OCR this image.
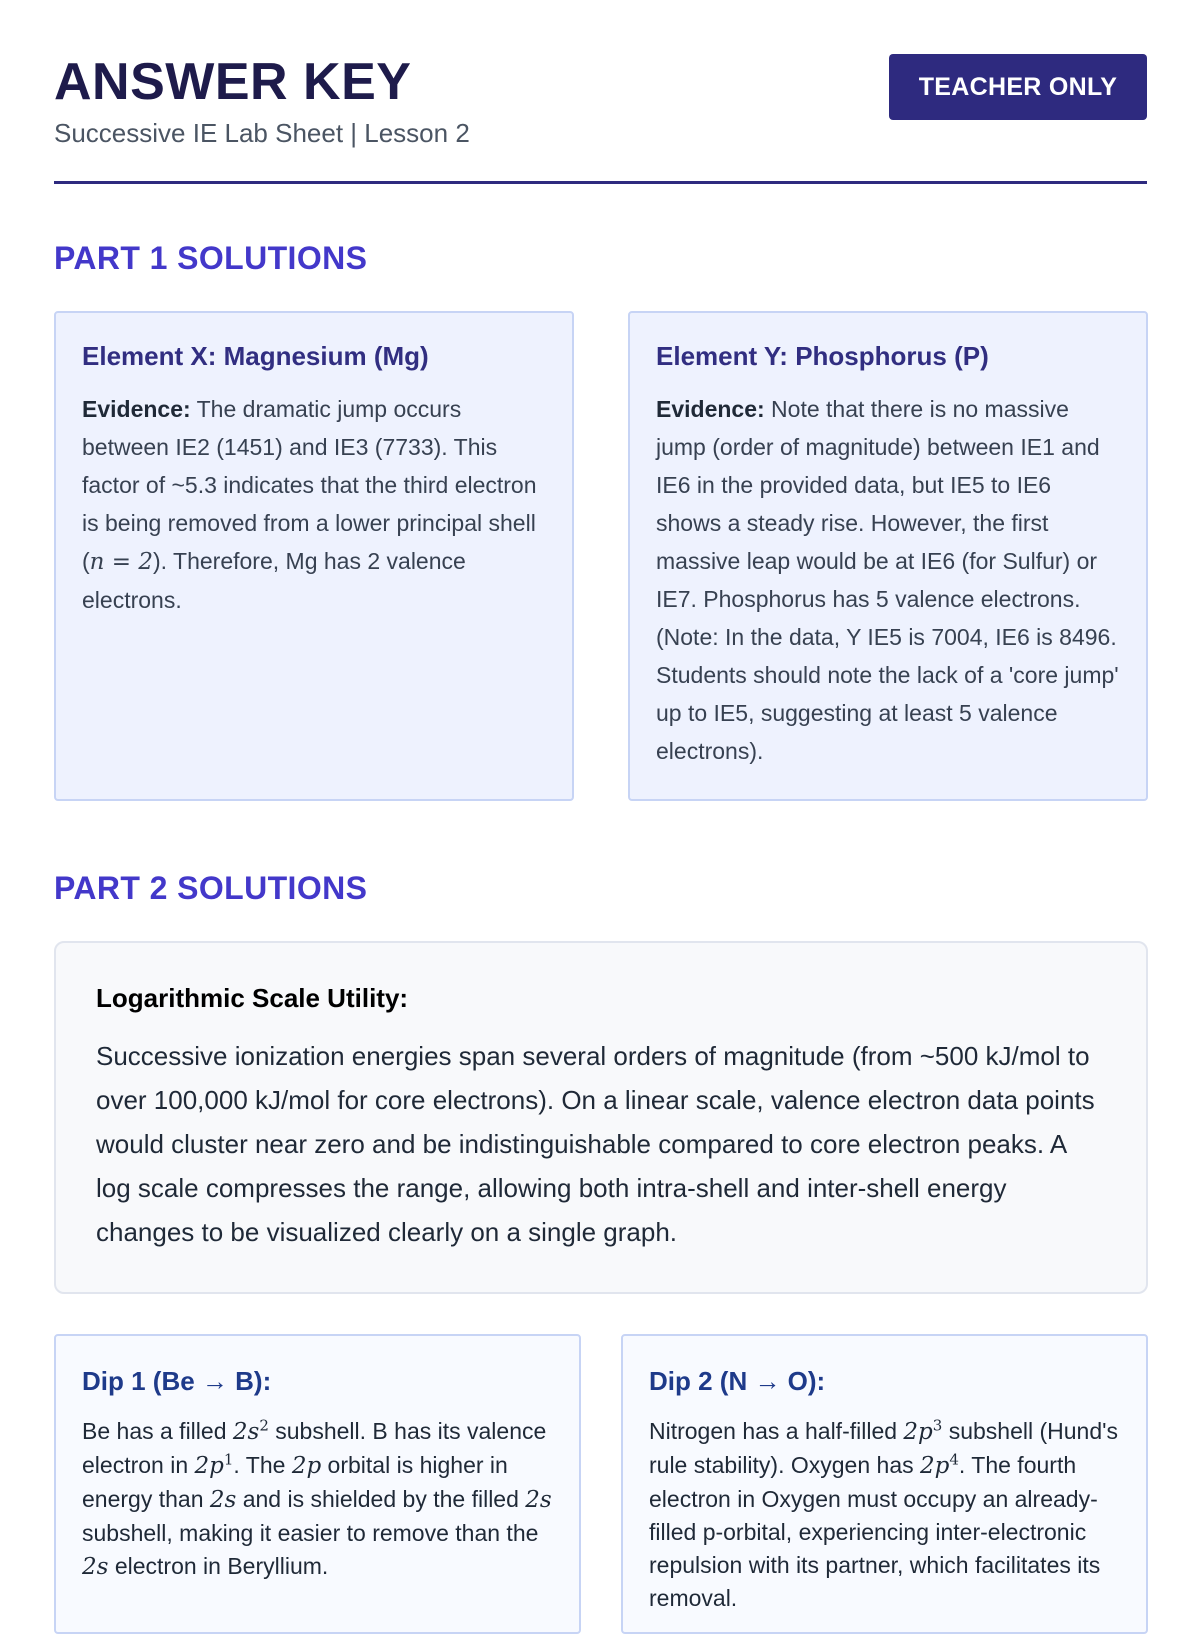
ANSWER KEY
Successive IE Lab Sheet | Lesson 2
TEACHER ONLY
PART 1 SOLUTIONS
Element X: Magnesium (Mg)

Evidence: The dramatic jump occurs between IE2 (1451) and IE3 (7733). This factor of ~5.3 indicates that the third electron is being removed from a lower principal shell (n = 2). Therefore, Mg has 2 valence electrons.

Element Y: Phosphorus (P)

Evidence: Note that there is no massive jump (order of magnitude) between IE1 and IE6 in the provided data, but IE5 to IE6 shows a steady rise. However, the first massive leap would be at IE6 (for Sulfur) or IE7. Phosphorus has 5 valence electrons. (Note: In the data, Y IE5 is 7004, IE6 is 8496. Students should note the lack of a 'core jump' up to IE5, suggesting at least 5 valence electrons).

PART 2 SOLUTIONS
Logarithmic Scale Utility:

Successive ionization energies span several orders of magnitude (from ~500 kJ/mol to over 100,000 kJ/mol for core electrons). On a linear scale, valence electron data points would cluster near zero and be indistinguishable compared to core electron peaks. A log scale compresses the range, allowing both intra-shell and inter-shell energy changes to be visualized clearly on a single graph.

Dip 1 (Be → B):

Be has a filled $2s^2$ subshell. B has its valence electron in $2p^1$. The 2p orbital is higher in energy than 2s and is shielded by the filled 2s subshell, making it easier to remove than the 2s electron in Beryllium.

Dip 2 (N → O):

Nitrogen has a half-filled $2p^3$ subshell (Hund's rule stability). Oxygen has $2p^4$. The fourth electron in Oxygen must occupy an already-filled p-orbital, experiencing inter-electronic repulsion with its partner, which facilitates its removal.
